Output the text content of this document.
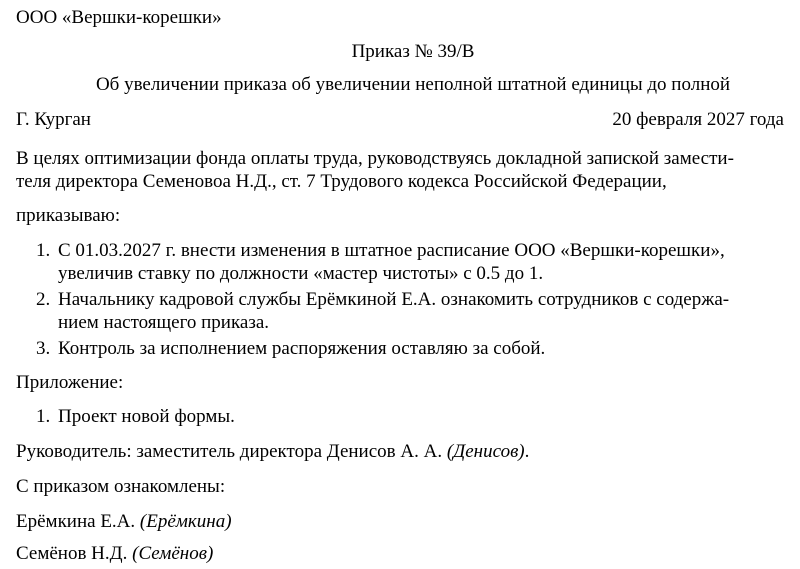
ООО «Вершки-корешки»
Приказ № 39/В
Об увеличении приказа об увеличении неполной штатной единицы до полной
Г. Курган	20 февраля 2027 года
В целях оптимизации фонда оплаты труда, руководствуясь докладной запиской замести-
теля директора Семеновоа Н.Д., ст. 7 Трудового кодекса Российской Федерации,
приказываю:
1. С 01.03.2027 г. внести изменения в штатное расписание ООО «Вершки-корешки»,
увеличив ставку по должности «мастер чистоты» с 0.5 до 1.
2. Начальнику кадровой службы Ерёмкиной Е.А. ознакомить сотрудников с содержа-
нием настоящего приказа.
3. Контроль за исполнением распоряжения оставляю за собой.
Приложение:
1. Проект новой формы.
Руководитель: заместитель директора Денисов А. А. (Денисов).
С приказом ознакомлены:
Ерёмкина Е.А. (Ерёмкина)
Семёнов Н.Д. (Семёнов)
